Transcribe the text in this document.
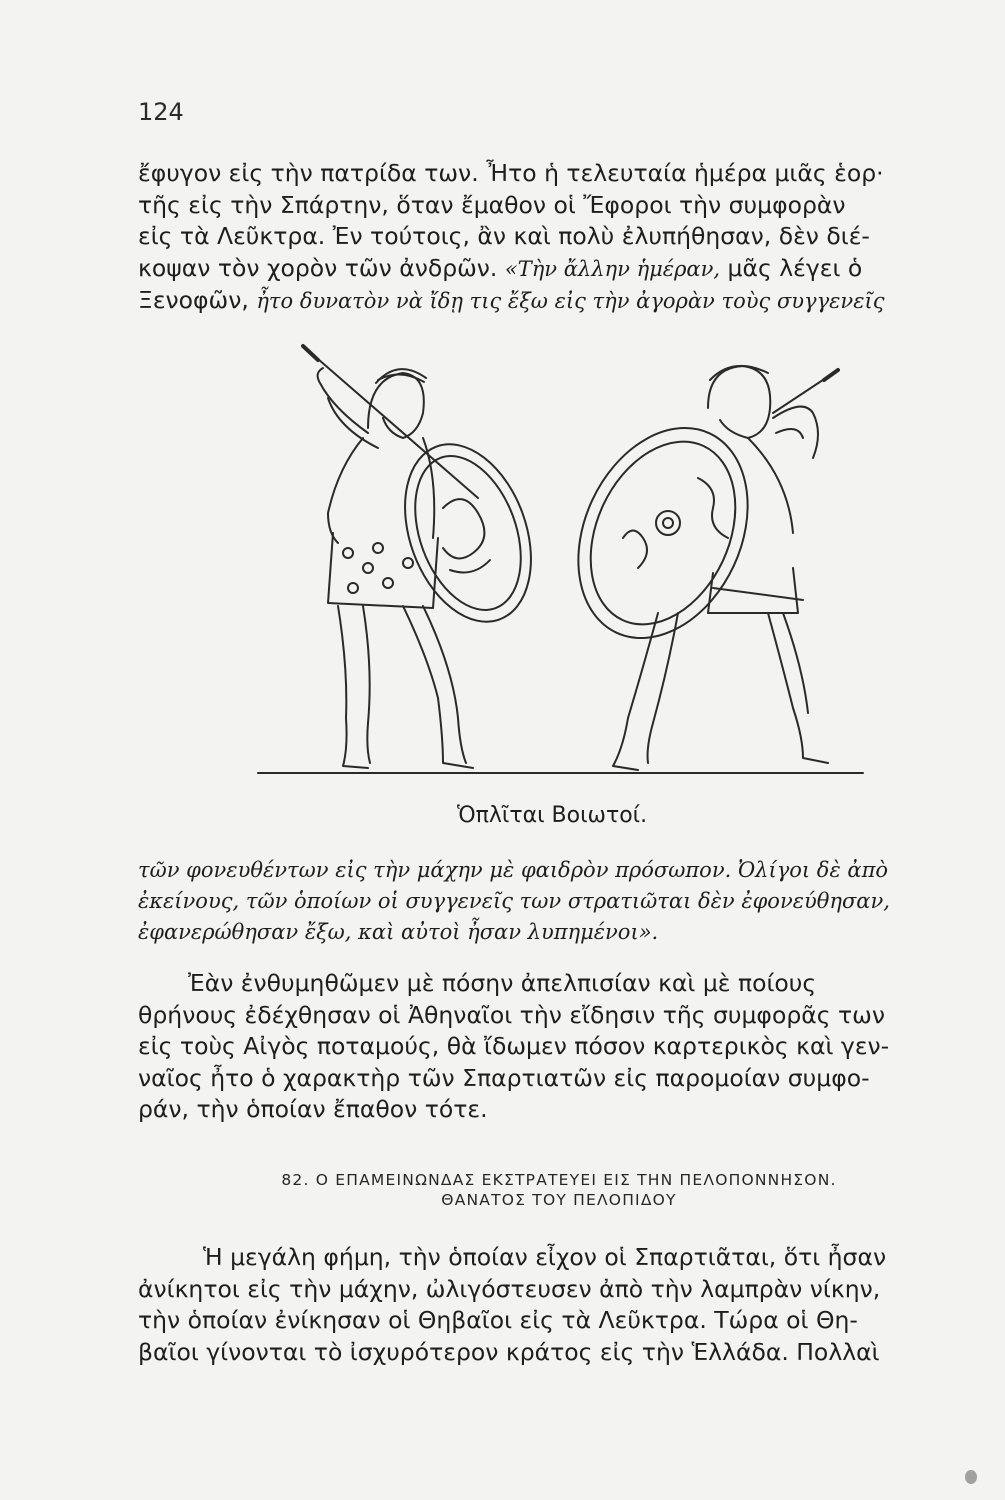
124

ἔφυγον εἰς τὴν πατρίδα των. Ἦτο ἡ τελευταία ἡμέρα μιᾶς ἑορ·
τῆς εἰς τὴν Σπάρτην, ὅταν ἔμαθον οἱ Ἔφοροι τὴν συμφορὰν
εἰς τὰ Λεῦκτρα. Ἐν τούτοις, ἂν καὶ πολὺ ἐλυπήθησαν, δὲν διέ-
κοψαν τὸν χορὸν τῶν ἀνδρῶν. «Τὴν ἄλλην ἡμέραν, μᾶς λέγει ὁ
Ξενοφῶν, ἦτο δυνατὸν νὰ ἴδῃ τις ἔξω εἰς τὴν ἀγορὰν τοὺς συγγενεῖς

Ὁπλῖται Βοιωτοί.

τῶν φονευθέντων εἰς τὴν μάχην μὲ φαιδρὸν πρόσωπον. Ὀλίγοι δὲ ἀπὸ
ἐκείνους, τῶν ὁποίων οἱ συγγενεῖς των στρατιῶται δὲν ἐφονεύθησαν,
ἐφανερώθησαν ἔξω, καὶ αὐτοὶ ἦσαν λυπημένοι».

Ἐὰν ἐνθυμηθῶμεν μὲ πόσην ἀπελπισίαν καὶ μὲ ποίους
θρήνους ἐδέχθησαν οἱ Ἀθηναῖοι τὴν εἴδησιν τῆς συμφορᾶς των
εἰς τοὺς Αἰγὸς ποταμούς, θὰ ἴδωμεν πόσον καρτερικὸς καὶ γεν-
ναῖος ἦτο ὁ χαρακτὴρ τῶν Σπαρτιατῶν εἰς παρομοίαν συμφο-
ράν, τὴν ὁποίαν ἔπαθον τότε.

82. Ο ΕΠΑΜΕΙΝΩΝΔΑΣ ΕΚΣΤΡΑΤΕΥΕΙ ΕΙΣ ΤΗΝ ΠΕΛΟΠΟΝΝΗΣΟΝ.
ΘΑΝΑΤΟΣ ΤΟΥ ΠΕΛΟΠΙΔΟΥ

Ἡ μεγάλη φήμη, τὴν ὁποίαν εἶχον οἱ Σπαρτιᾶται, ὅτι ἦσαν
ἀνίκητοι εἰς τὴν μάχην, ὠλιγόστευσεν ἀπὸ τὴν λαμπρὰν νίκην,
τὴν ὁποίαν ἐνίκησαν οἱ Θηβαῖοι εἰς τὰ Λεῦκτρα. Τώρα οἱ Θη-
βαῖοι γίνονται τὸ ἰσχυρότερον κράτος εἰς τὴν Ἑλλάδα. Πολλαὶ
